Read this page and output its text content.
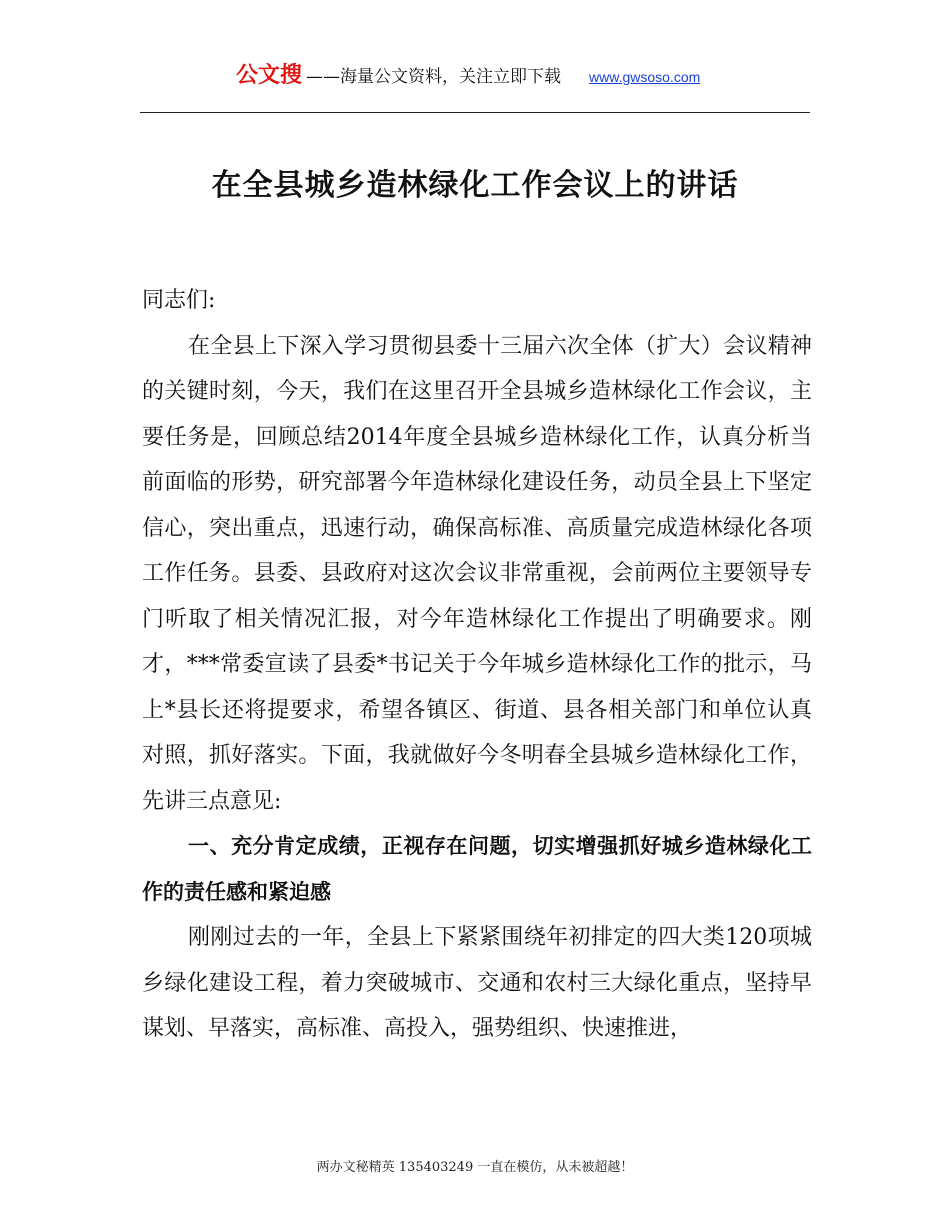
公文搜 ——海量公文资料，关注立即下载 www.gwsoso.com
在全县城乡造林绿化工作会议上的讲话

同志们:

在全县上下深入学习贯彻县委十三届六次全体（扩大）会议精神的关键时刻，今天，我们在这里召开全县城乡造林绿化工作会议，主要任务是，回顾总结2014年度全县城乡造林绿化工作，认真分析当前面临的形势，研究部署今年造林绿化建设任务，动员全县上下坚定信心，突出重点，迅速行动，确保高标准、高质量完成造林绿化各项工作任务。县委、县政府对这次会议非常重视，会前两位主要领导专门听取了相关情况汇报，对今年造林绿化工作提出了明确要求。刚才，***常委宣读了县委*书记关于今年城乡造林绿化工作的批示，马上*县长还将提要求，希望各镇区、街道、县各相关部门和单位认真对照，抓好落实。下面，我就做好今冬明春全县城乡造林绿化工作，先讲三点意见:

一、充分肯定成绩，正视存在问题，切实增强抓好城乡造林绿化工作的责任感和紧迫感

刚刚过去的一年，全县上下紧紧围绕年初排定的四大类120项城乡绿化建设工程，着力突破城市、交通和农村三大绿化重点，坚持早谋划、早落实，高标准、高投入，强势组织、快速推进，

两办文秘精英 135403249 一直在模仿，从未被超越！
